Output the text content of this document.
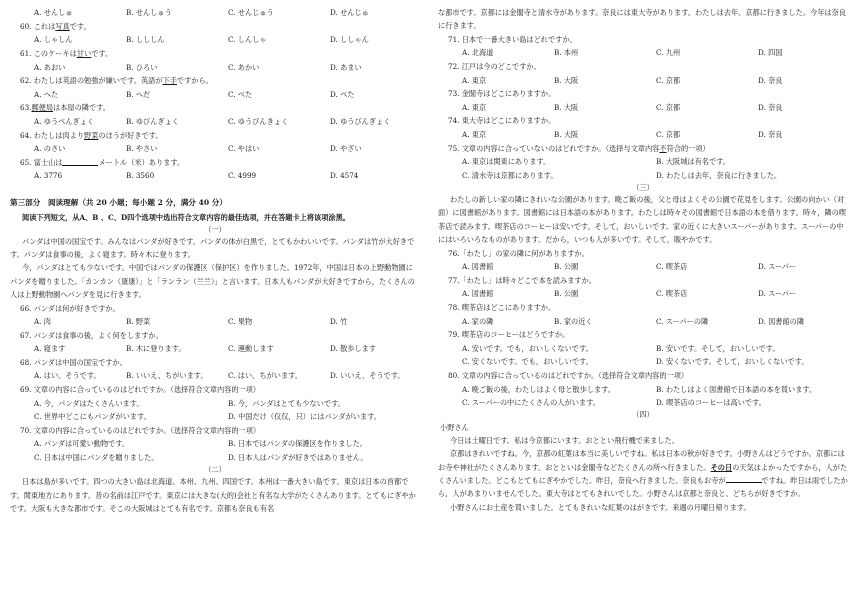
A. せんしゅ	B. せんしゅう	C. せんじゅう	D. せんじゅ
60. これは 写真 です。
A. しゃしん	B. しししん	C. しんしゃ	D. ししゃん
61. このケーキは 甘い です。
A. あおい	B. ひろい	C. あかい	D. あまい
62. わたしは英語の勉強が嫌いです。英語が 下手 ですから。
A. へた	B. へだ	C. べた	D. べた
63. 郵便局 は本屋の隣です。
A. ゆうべんぎょく	B. ゆびんぎょく	C. ゆうびんきょく	D. ゆうびんぎょく
64. わたしは肉より 野菜 のほうが好きです。
A. のさい	B. やさい	C. やはい	D. やざい
65. 富士山は	メートル（米）あります。
A. 3776	B. 3560	C. 4999	D. 4574
第三部分　阅读理解（共 20 小题；每小题 2 分，满分 40 分）
阅读下列短文，从A、B 、C、D四个选项中选出符合文章内容的最佳选项，并在答题卡上将该项涂黑。
（一）
パンダは中国の国宝です。みんなはパンダが好きです。パンダの体が白黒で，とてもかわいいです。パンダは竹が大好きです。パンダは食事の後，よく寝ます。時々木に登ります。
今，パンダはとても少ないです。中国ではパンダの保護区（保护区）を作りました。1972年，中国は日本の上野動物園にパンダを贈りました。「カンカン（康康）」と「ランラン（兰兰）」と言います。日本人もパンダが大好きですから，たくさんの人は上野動物園へパンダを見に行きます。
66. パンダは何が好きですか。
A. 肉	B. 野菜	C. 果物	D. 竹
67. パンダは食事の後，よく何をしますか。
A. 寝ます	B. 木に登ります。	C. 運動します	D. 散歩します
68. パンダは中国の国宝ですか。
A. はい、そうです。	B. いいえ、ちがいます。	C. はい、ちがいます。	D. いいえ、そうです。
69. 文章の内容に合っているのはどれですか。（选择符合文章内容的一项）
A. 今，パンダはたくさんいます。	B. 今，パンダはとても少ないです。
C. 世界中どこにもパンダがいます。	D. 中国だけ（仅仅，只）にはパンダがいます。
70. 文章の内容に合っているのはどれですか。（选择符合文章内容的一项）
A. パンダは可愛い動物です。	B. 日本ではパンダの保護区を作りました。
C. 日本は中国にパンダを贈りました。	D. 日本人はパンダが好きではありません。
（二）
日本は島が多いです。四つの大きい島は北海道、本州、九州、四国です。本州は一番大きい島です。東京は日本の首都です。関東地方にあります。昔の名前は江戸です。東京には大きな(大的)会社と有名な大学がたくさんあります。とてもにぎやかです。大阪も大きな都市です。そこの大阪城はとても有名です。京都も奈良も有名
な都市です。京都には金閣寺と清水寺があります。奈良には東大寺があります。わたしは去年、京都に行きました。今年は奈良に行きます。
71. 日本で一番大きい島はどれですか。
A. 北海道	B. 本州	C. 九州	D. 四国
72. 江戸は今のどこですか。
A. 東京	B. 大阪	C. 京都	D. 奈良
73. 金閣寺はどこにありますか。
A. 東京	B. 大阪	C. 京都	D. 奈良
74. 東大寺はどこにありますか。
A. 東京	B. 大阪	C. 京都	D. 奈良
75. 文章の内容に合っていないのはどれですか。（选择与文章内容 不 符合的一项）
A. 東京は関東にあります。	B. 大阪城は有名です。
C. 清水寺は京都にあります。	D. わたしは去年，奈良に行きました。
（三）
わたしの新しい家の隣にきれいな公園があります。晩ご飯の後，父と母はよくその公園で花見をします。公園の向かい（对面）に図書館があります。図書館には日本語の本があります。わたしは時々その図書館で日本語の本を借ります。時々，隣の喫茶店で読みます。喫茶店のコーヒーは安いです。そして，おいしいです。家の近くに大きいスーパーがあります。スーパーの中にはいろいろなものがあります。だから，いつも人が多いです。そして，賑やかです。
76.「わたし」の家の隣に何がありますか。
A. 図書館	B. 公園	C. 喫茶店	D. スーパー
77.「わたし」は時々どこで本を読みますか。
A. 図書館	B. 公園	C. 喫茶店	D. スーパー
78. 喫茶店はどこにありますか。
A. 家の隣	B. 家の近く	C. スーパーの隣	D. 図書館の隣
79. 喫茶店のコーヒーはどうですか。
A. 安いです。でも，おいしくないです。	B. 安いです。そして，おいしいです。
C. 安くないです。でも，おいしいです。	D. 安くないです。そして，おいしくないです。
80. 文章の内容に合っているのはどれですか。（选择符合文章内容的一项）
A. 晩ご飯の後，わたしはよく母と散歩します。	B. わたしはよく図書館で日本語の本を買います。
C. スーパーの中にたくさんの人がいます。	D. 喫茶店のコーヒーは高いです。
（四）
小野さん
今日は土曜日です。私は今京都にいます。おととい飛行機で来ました。
京都はきれいですね。今，京都の紅葉は本当に美しいですね。私は日本の秋が好きです。小野さんはどうですか。京都にはお寺や神社がたくさんあります。おとといは金閣寺などたくさんの所へ行きました。その日の天気はよかったですから，人がたくさんいました。どこもとてもにぎやかでした。昨日，奈良へ行きました。奈良もお寺が	ですね。昨日は雨でしたから，人があまりいませんでした。東大寺はとてもきれいでした。小野さんは京都と奈良と、どちらが好きですか。
小野さんにお土産を買いました。とてもきれいな紅葉のはがきです。来週の月曜日帰ります。
